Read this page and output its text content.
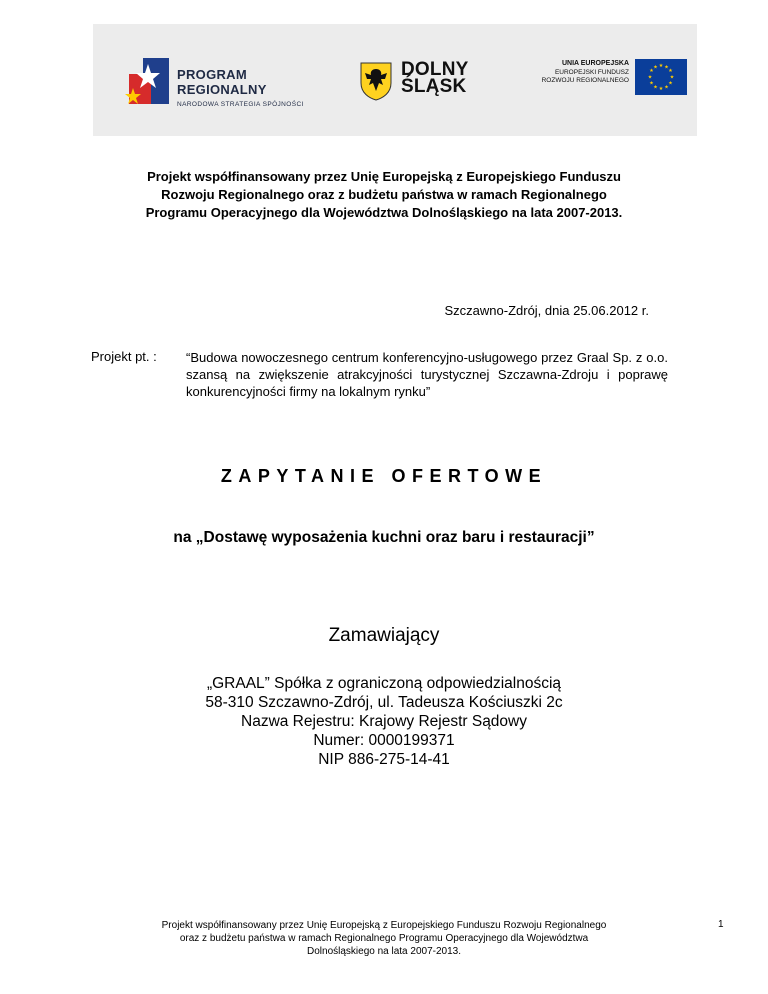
PROGRAM
REGIONALNY
NARODOWA STRATEGIA SPÓJNOŚCI
DOLNY
ŚLĄSK
UNIA EUROPEJSKA
EUROPEJSKI FUNDUSZ
ROZWOJU REGIONALNEGO
★ ★
★
★
★
★
★
★
★
★
★
★
Projekt współfinansowany przez Unię Europejską z Europejskiego Funduszu
Rozwoju Regionalnego oraz z budżetu państwa w ramach Regionalnego
Programu Operacyjnego dla Województwa Dolnośląskiego na lata 2007-2013.
Szczawno-Zdrój, dnia 25.06.2012 r.
Projekt pt. : “Budowa nowoczesnego centrum konferencyjno-usługowego przez Graal Sp. z o.o. szansą na zwiększenie atrakcyjności turystycznej Szczawna-Zdroju i poprawę konkurencyjności firmy na lokalnym rynku”
ZAPYTANIE OFERTOWE
na „Dostawę wyposażenia kuchni oraz baru i restauracji”
Zamawiający
„GRAAL” Spółka z ograniczoną odpowiedzialnością
58-310 Szczawno-Zdrój, ul. Tadeusza Kościuszki 2c
Nazwa Rejestru: Krajowy Rejestr Sądowy
Numer: 0000199371
NIP 886-275-14-41
Projekt współfinansowany przez Unię Europejską z Europejskiego Funduszu Rozwoju Regionalnego
oraz z budżetu państwa w ramach Regionalnego Programu Operacyjnego dla Województwa
Dolnośląskiego na lata 2007-2013.
1
